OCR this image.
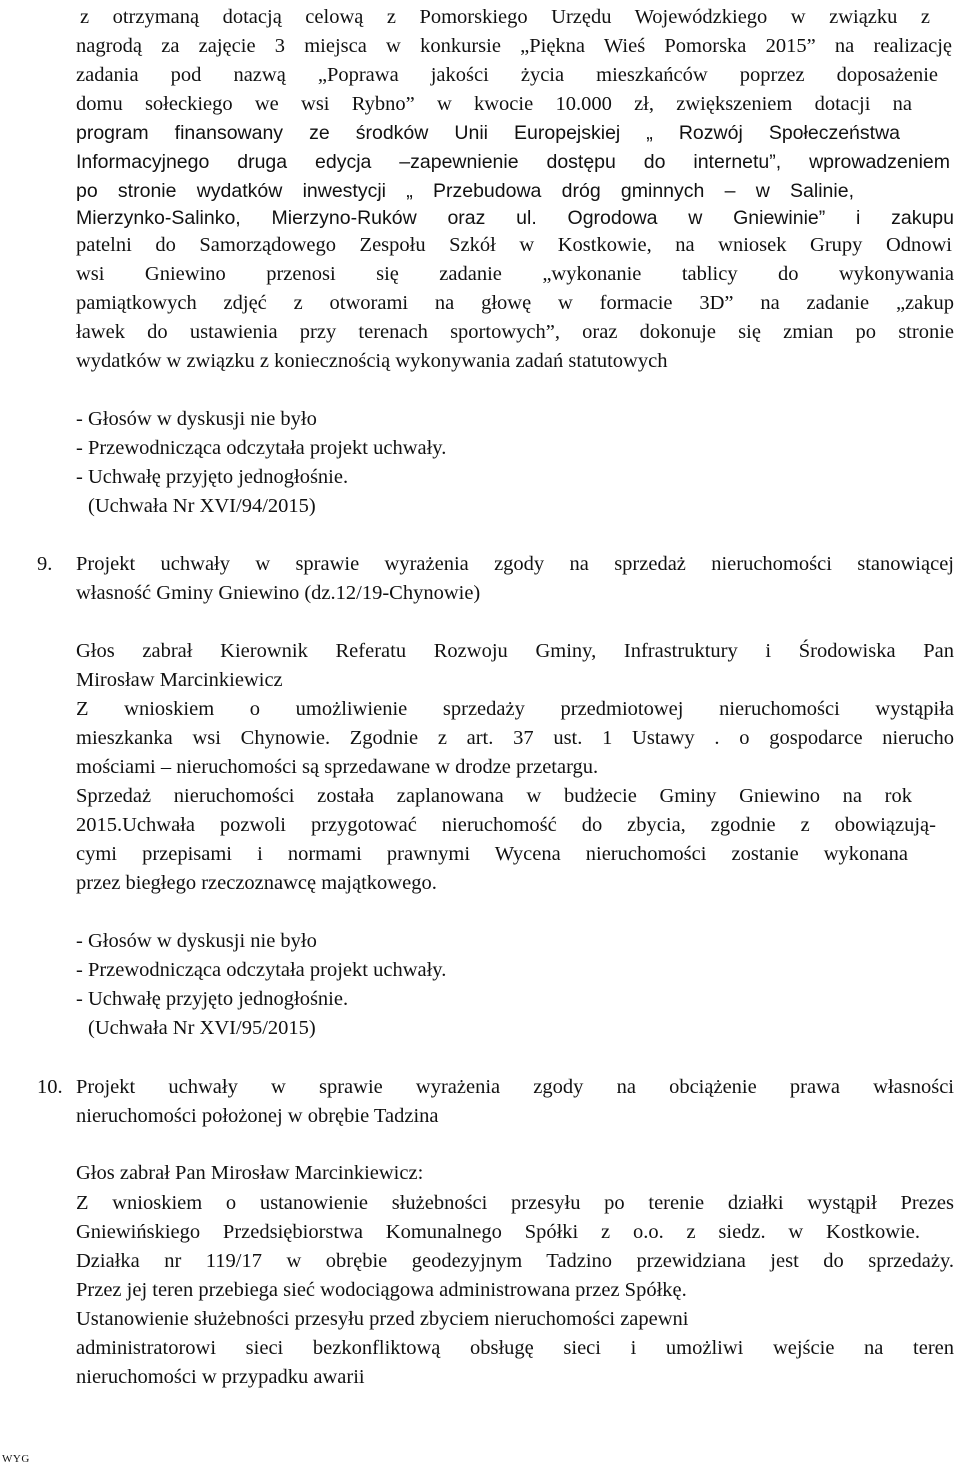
z otrzymaną dotacją celową z Pomorskiego Urzędu Wojewódzkiego w związku z
nagrodą za zajęcie 3 miejsca w konkursie „Piękna Wieś Pomorska 2015” na realizację
zadania pod nazwą „Poprawa jakości życia mieszkańców poprzez doposażenie
domu sołeckiego we wsi Rybno” w kwocie 10.000 zł, zwiększeniem dotacji na
program finansowany ze środków Unii Europejskiej „ Rozwój Społeczeństwa
Informacyjnego druga edycja –zapewnienie dostępu do internetu”, wprowadzeniem
po stronie wydatków inwestycji „ Przebudowa dróg gminnych – w Salinie,
Mierzynko-Salinko, Mierzyno-Ruków oraz ul. Ogrodowa w Gniewinie” i zakupu
patelni do Samorządowego Zespołu Szkół w Kostkowie, na wniosek Grupy Odnowi
wsi Gniewino przenosi się zadanie „wykonanie tablicy do wykonywania
pamiątkowych zdjęć z otworami na głowę w formacie 3D” na zadanie „zakup
ławek do ustawienia przy terenach sportowych”, oraz dokonuje się zmian po stronie
wydatków w związku z koniecznością wykonywania zadań statutowych
- Głosów w dyskusji nie było
- Przewodnicząca odczytała projekt uchwały.
- Uchwałę przyjęto jednogłośnie.
(Uchwała Nr XVI/94/2015)
9. Projekt uchwały w sprawie wyrażenia zgody na sprzedaż nieruchomości stanowiącej
własność Gminy Gniewino (dz.12/19-Chynowie)
Głos zabrał Kierownik Referatu Rozwoju Gminy, Infrastruktury i Środowiska Pan
Mirosław Marcinkiewicz
Z wnioskiem o umożliwienie sprzedaży przedmiotowej nieruchomości wystąpiła
mieszkanka wsi Chynowie. Zgodnie z art. 37 ust. 1 Ustawy . o gospodarce nierucho
mościami – nieruchomości są sprzedawane w drodze przetargu.
Sprzedaż nieruchomości została zaplanowana w budżecie Gminy Gniewino na rok
2015.Uchwała pozwoli przygotować nieruchomość do zbycia, zgodnie z obowiązują-
cymi przepisami i normami prawnymi Wycena nieruchomości zostanie wykonana
przez biegłego rzeczoznawcę majątkowego.
- Głosów w dyskusji nie było
- Przewodnicząca odczytała projekt uchwały.
- Uchwałę przyjęto jednogłośnie.
(Uchwała Nr XVI/95/2015)
10. Projekt uchwały w sprawie wyrażenia zgody na obciążenie prawa własności
nieruchomości położonej w obrębie Tadzina
Głos zabrał Pan Mirosław Marcinkiewicz:
Z wnioskiem o ustanowienie służebności przesyłu po terenie działki wystąpił Prezes
Gniewińskiego Przedsiębiorstwa Komunalnego Spółki z o.o. z siedz. w Kostkowie.
Działka nr 119/17 w obrębie geodezyjnym Tadzino przewidziana jest do sprzedaży.
Przez jej teren przebiega sieć wodociągowa administrowana przez Spółkę.
Ustanowienie służebności przesyłu przed zbyciem nieruchomości zapewni
administratorowi sieci bezkonfliktową obsługę sieci i umożliwi wejście na teren
nieruchomości w przypadku awarii
WYG
